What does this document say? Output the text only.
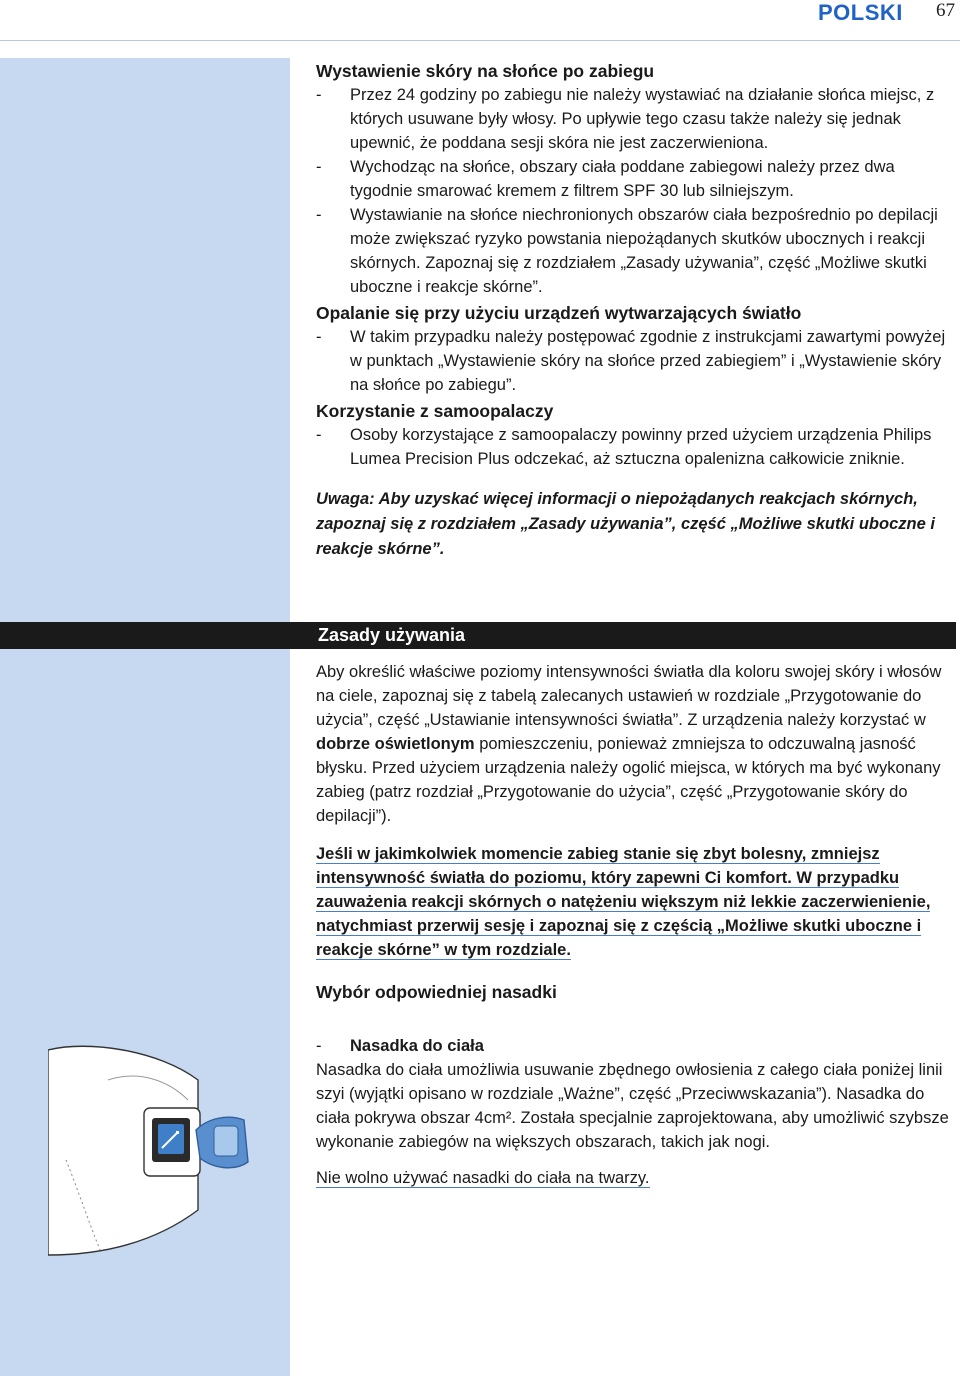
POLSKI 67
Wystawienie skóry na słońce po zabiegu
- Przez 24 godziny po zabiegu nie należy wystawiać na działanie słońca miejsc, z których usuwane były włosy. Po upływie tego czasu także należy się jednak upewnić, że poddana sesji skóra nie jest zaczerwieniona.
- Wychodząc na słońce, obszary ciała poddane zabiegowi należy przez dwa tygodnie smarować kremem z filtrem SPF 30 lub silniejszym.
- Wystawianie na słońce niechronionych obszarów ciała bezpośrednio po depilacji może zwiększać ryzyko powstania niepożądanych skutków ubocznych i reakcji skórnych. Zapoznaj się z rozdziałem „Zasady używania”, część „Możliwe skutki uboczne i reakcje skórne”.
Opalanie się przy użyciu urządzeń wytwarzających światło
- W takim przypadku należy postępować zgodnie z instrukcjami zawartymi powyżej w punktach „Wystawienie skóry na słońce przed zabiegiem” i „Wystawienie skóry na słońce po zabiegu”.
Korzystanie z samoopalaczy
- Osoby korzystające z samoopalaczy powinny przed użyciem urządzenia Philips Lumea Precision Plus odczekać, aż sztuczna opalenizna całkowicie zniknie.

Uwaga: Aby uzyskać więcej informacji o niepożądanych reakcjach skórnych, zapoznaj się z rozdziałem „Zasady używania”, część „Możliwe skutki uboczne i reakcje skórne”.

Zasady używania

Aby określić właściwe poziomy intensywności światła dla koloru swojej skóry i włosów na ciele, zapoznaj się z tabelą zalecanych ustawień w rozdziale „Przygotowanie do użycia”, część „Ustawianie intensywności światła”. Z urządzenia należy korzystać w dobrze oświetlonym pomieszczeniu, ponieważ zmniejsza to odczuwalną jasność błysku. Przed użyciem urządzenia należy ogolić miejsca, w których ma być wykonany zabieg (patrz rozdział „Przygotowanie do użycia”, część „Przygotowanie skóry do depilacji”).

Jeśli w jakimkolwiek momencie zabieg stanie się zbyt bolesny, zmniejsz intensywność światła do poziomu, który zapewni Ci komfort. W przypadku zauważenia reakcji skórnych o natężeniu większym niż lekkie zaczerwienienie, natychmiast przerwij sesję i zapoznaj się z częścią „Możliwe skutki uboczne i reakcje skórne” w tym rozdziale.

Wybór odpowiedniej nasadki
- Nasadka do ciała

Nasadka do ciała umożliwia usuwanie zbędnego owłosienia z całego ciała poniżej linii szyi (wyjątki opisano w rozdziale „Ważne”, część „Przeciwwskazania”). Nasadka do ciała pokrywa obszar 4cm². Została specjalnie zaprojektowana, aby umożliwić szybsze wykonanie zabiegów na większych obszarach, takich jak nogi.

Nie wolno używać nasadki do ciała na twarzy.
